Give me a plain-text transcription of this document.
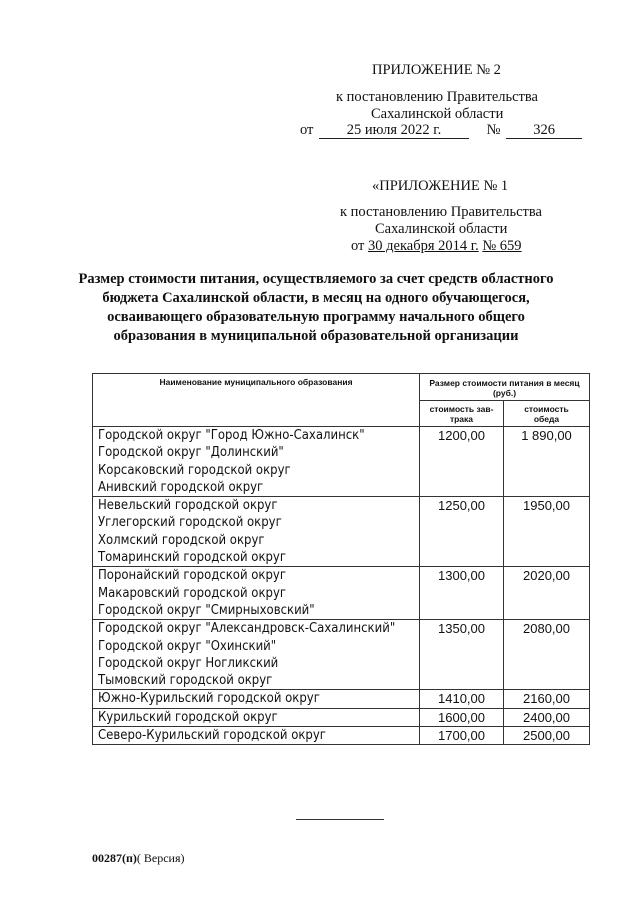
ПРИЛОЖЕНИЕ № 2
к постановлению Правительства
Сахалинской области
от 25 июля 2022 г.	№ 326
«ПРИЛОЖЕНИЕ № 1
к постановлению Правительства
Сахалинской области
от 30 декабря 2014 г. № 659
Размер стоимости питания, осуществляемого за счет средств областного
бюджета Сахалинской области, в месяц на одного обучающегося,
осваивающего образовательную программу начального общего
образования в муниципальной образовательной организации
Наименование муниципального образования	Размер стоимости питания в месяц (руб.)	
	стоимость зав-трака	стоимость обеда

Городской округ "Город Южно-Сахалинск"
Городской округ "Долинский"
Корсаковский городской округ
Анивский городской округ	1200,00	1 890,00

Невельский городской округ
Углегорский городской округ
Холмский городской округ
Томаринский городской округ	1250,00	1950,00

Поронайский городской округ
Макаровский городской округ
Городской округ "Смирныховский"	1300,00	2020,00

Городской округ "Александровск-Сахалинский"
Городской округ "Охинский"
Городской округ Ногликский
Тымовский городской округ	1350,00	2080,00

Южно-Курильский городской округ	1410,00	2160,00

Курильский городской округ	1600,00	2400,00

Северо-Курильский городской округ	1700,00	2500,00
00287(п)( Версия)
